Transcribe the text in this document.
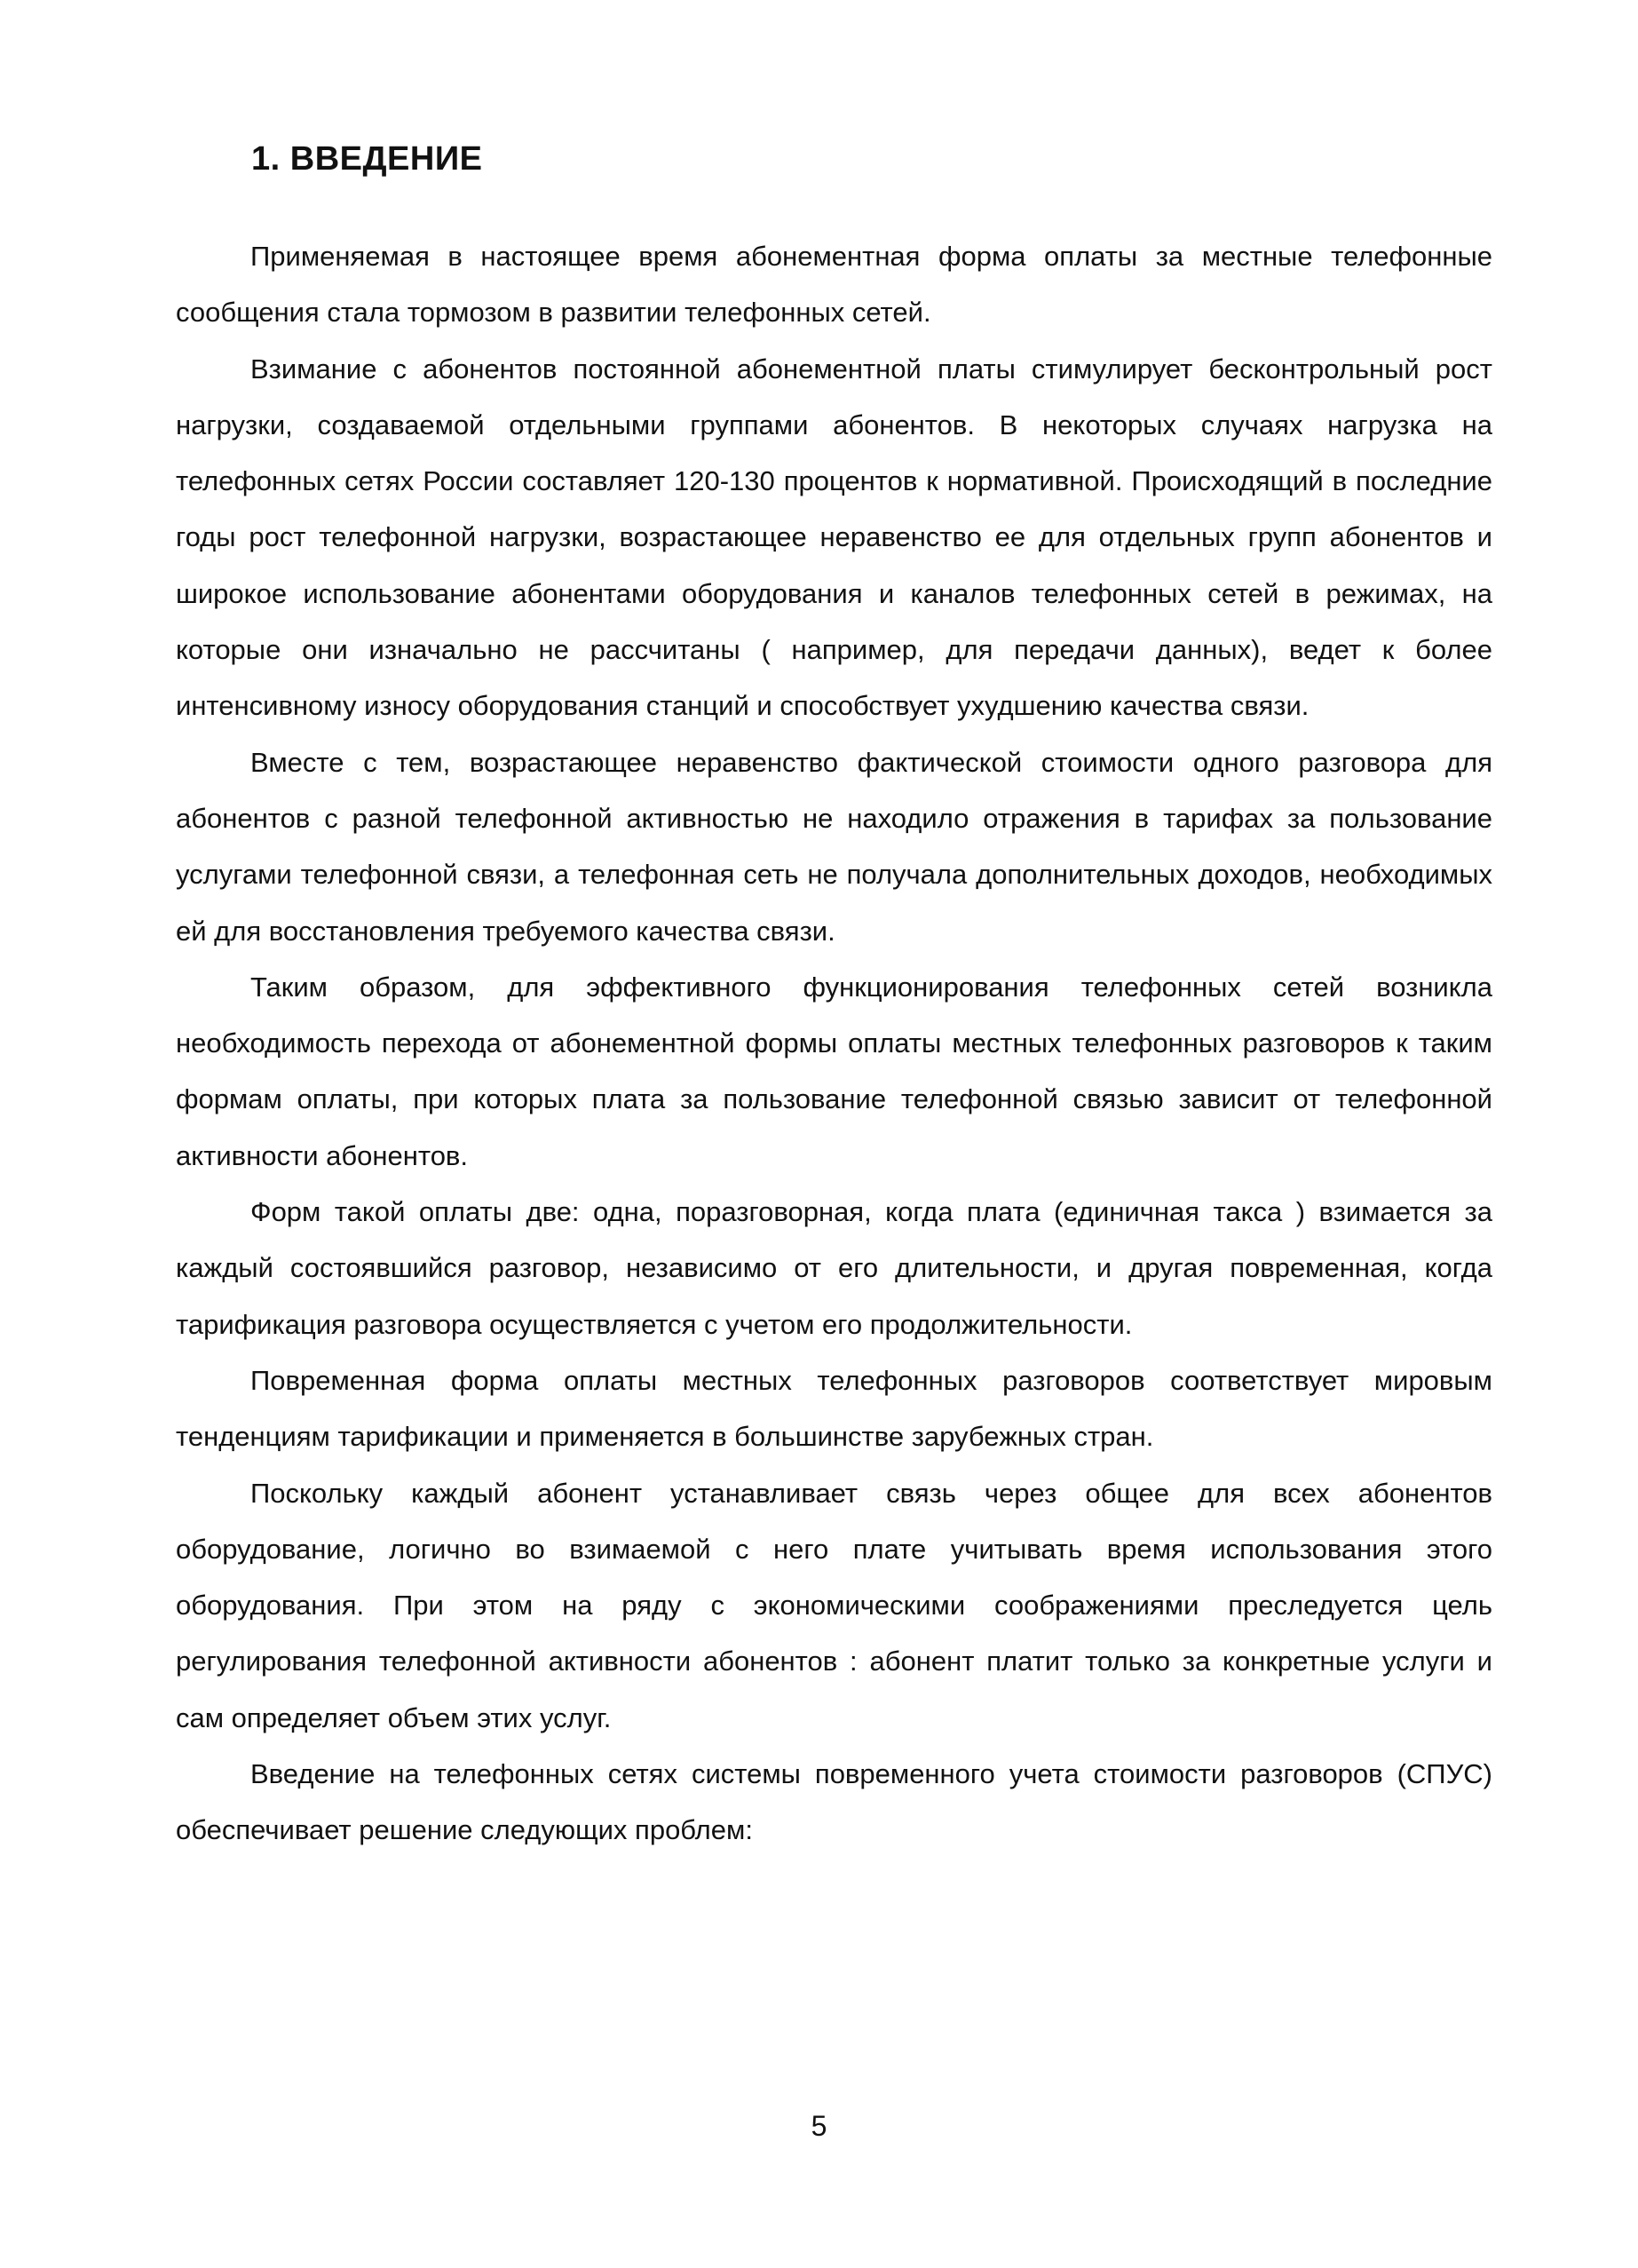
1. ВВЕДЕНИЕ

Применяемая в настоящее время абонементная форма оплаты за местные телефонные сообщения стала тормозом в развитии телефонных сетей.

Взимание с абонентов постоянной абонементной платы стимулирует бесконтрольный рост нагрузки, создаваемой отдельными группами абонентов. В некоторых случаях нагрузка на телефонных сетях России составляет 120-130 процентов к нормативной. Происходящий в последние годы рост телефонной нагрузки, возрастающее неравенство ее для отдельных групп абонентов и широкое использование абонентами оборудования и каналов телефонных сетей в режимах, на которые они изначально не рассчитаны ( например, для передачи данных), ведет к более интенсивному износу оборудования станций и способствует ухудшению качества связи.

Вместе с тем, возрастающее неравенство фактической стоимости одного разговора для абонентов с разной телефонной активностью не находило отражения в тарифах за пользование услугами телефонной связи, а телефонная сеть не получала дополнительных доходов, необходимых ей для восстановления требуемого качества связи.

Таким образом, для эффективного функционирования телефонных сетей возникла необходимость перехода от абонементной формы оплаты местных телефонных разговоров к таким формам оплаты, при которых плата за пользование телефонной связью зависит от телефонной активности абонентов.

Форм такой оплаты две: одна, поразговорная, когда плата (единичная такса ) взимается за каждый состоявшийся разговор, независимо от его длительности, и другая повременная, когда тарификация разговора осуществляется с учетом его продолжительности.

Повременная форма оплаты местных телефонных разговоров соответствует мировым тенденциям тарификации и применяется в большинстве зарубежных стран.

Поскольку каждый абонент устанавливает связь через общее для всех абонентов оборудование, логично во взимаемой с него плате учитывать время использования этого оборудования. При этом на ряду с экономическими соображениями преследуется цель регулирования телефонной активности абонентов : абонент платит только за конкретные услуги и сам определяет объем этих услуг.

Введение на телефонных сетях системы повременного учета стоимости разговоров (СПУС) обеспечивает решение следующих проблем:

5
